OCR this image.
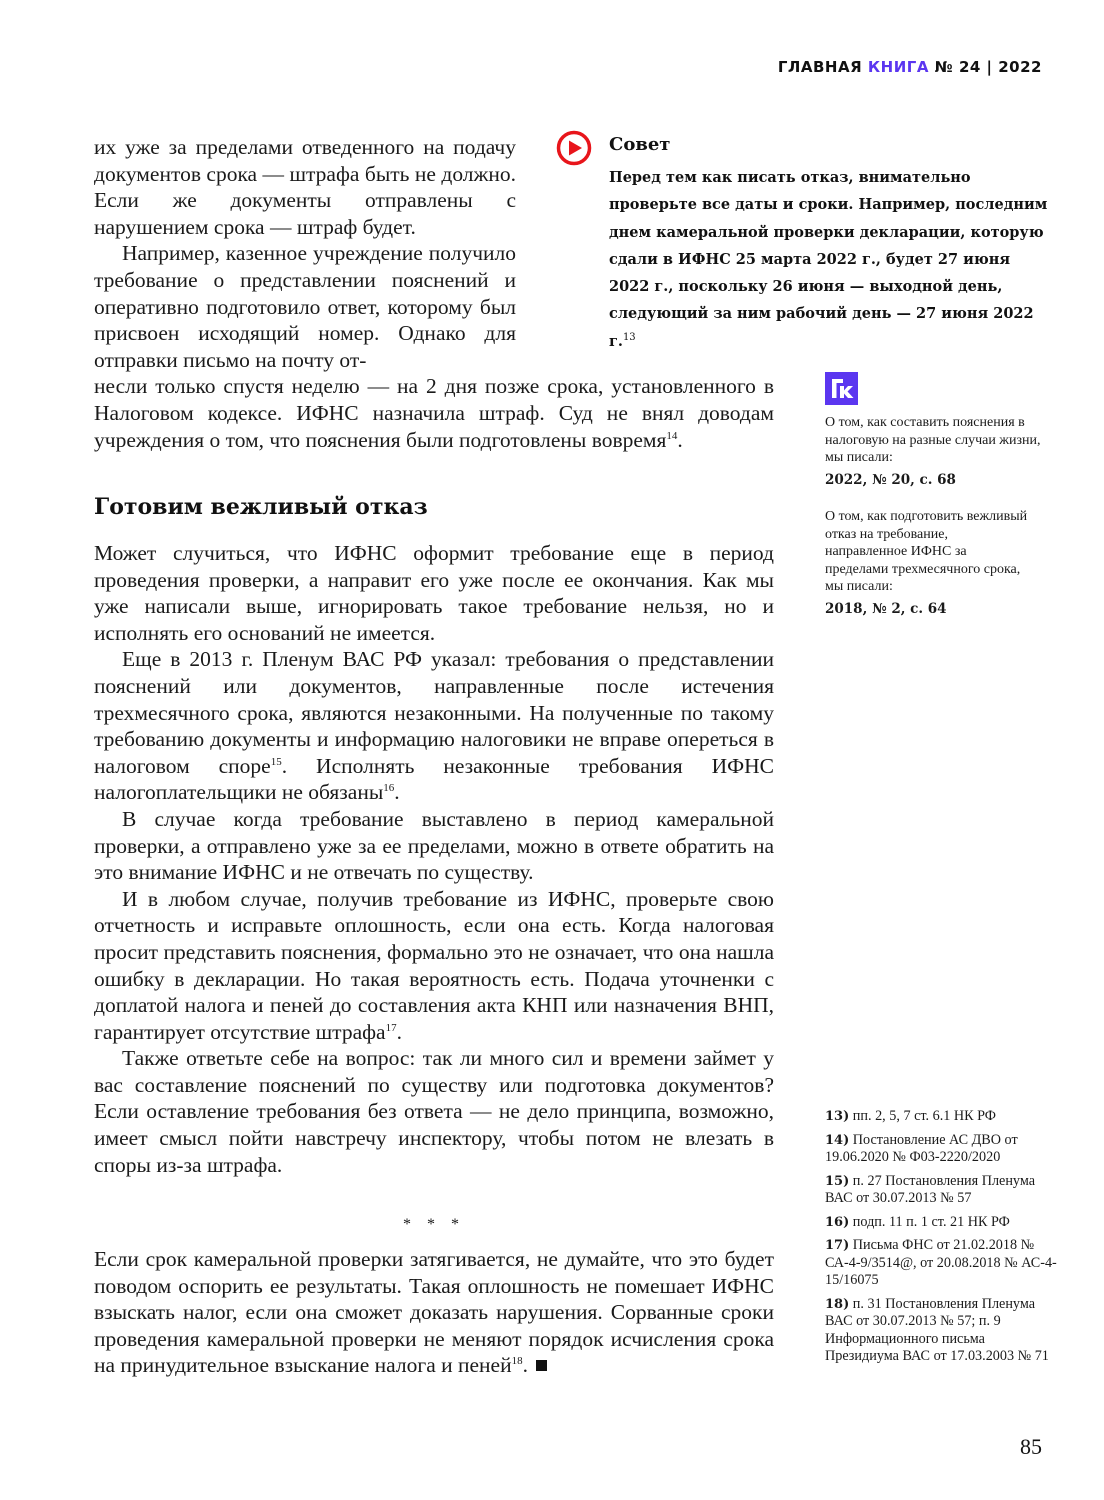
ГЛАВНАЯ КНИГА № 24 | 2022
Совет
Перед тем как писать отказ, внимательно проверьте все даты и сроки. Например, последним днем камеральной проверки декларации, которую сдали в ИФНС 25 марта 2022 г., будет 27 июня 2022 г., поскольку 26 июня — выходной день, следующий за ним рабочий день — 27 июня 2022 г.$^{13}$

их уже за пределами отведенного на подачу документов срока — штрафа быть не должно. Если же документы отправлены с нарушением срока — штраф будет.

Например, казенное учреждение получило требование о представлении пояснений и оперативно подготовило ответ, которому был присвоен исходящий номер. Однако для отправки письмо на почту от-

несли только спустя неделю — на 2 дня позже срока, установленного в Налоговом кодексе. ИФНС назначила штраф. Суд не внял доводам учреждения о том, что пояснения были подготовлены вовремя$^{14}$.

Готовим вежливый отказ

Может случиться, что ИФНС оформит требование еще в период проведения проверки, а направит его уже после ее окончания. Как мы уже написали выше, игнорировать такое требование нельзя, но и исполнять его оснований не имеется.

Еще в 2013 г. Пленум ВАС РФ указал: требования о представлении пояснений или документов, направленные после истечения трехмесячного срока, являются незаконными. На полученные по такому требованию документы и информацию налоговики не вправе опереться в налоговом споре$^{15}$. Исполнять незаконные требования ИФНС налогоплательщики не обязаны$^{16}$.

В случае когда требование выставлено в период камеральной проверки, а отправлено уже за ее пределами, можно в ответе обратить на это внимание ИФНС и не отвечать по существу.

И в любом случае, получив требование из ИФНС, проверьте свою отчетность и исправьте оплошность, если она есть. Когда налоговая просит представить пояснения, формально это не означает, что она нашла ошибку в декларации. Но такая вероятность есть. Подача уточненки с доплатой налога и пеней до составления акта КНП или назначения ВНП, гарантирует отсутствие штрафа$^{17}$.

Также ответьте себе на вопрос: так ли много сил и времени займет у вас составление пояснений по существу или подготовка документов? Если оставление требования без ответа — не дело принципа, возможно, имеет смысл пойти навстречу инспектору, чтобы потом не влезать в споры из-за штрафа.

* * *

Если срок камеральной проверки затягивается, не думайте, что это будет поводом оспорить ее результаты. Такая оплошность не помешает ИФНС взыскать налог, если она сможет доказать нарушения. Сорванные сроки проведения камеральной проверки не меняют порядок исчисления срока на принудительное взыскание налога и пеней$^{18}$.

О том, как составить пояснения в налоговую на разные случаи жизни, мы писали:
2022, № 20, с. 68
О том, как подготовить вежливый отказ на требование, направленное ИФНС за пределами трехмесячного срока, мы писали:
2018, № 2, с. 64
13) пп. 2, 5, 7 ст. 6.1 НК РФ
14) Постановление АС ДВО от 19.06.2020 № Ф03-2220/2020
15) п. 27 Постановления Пленума ВАС от 30.07.2013 № 57
16) подп. 11 п. 1 ст. 21 НК РФ
17) Письма ФНС от 21.02.2018 № СА-4-9/3514@, от 20.08.2018 № АС-4-15/16075
18) п. 31 Постановления Пленума ВАС от 30.07.2013 № 57; п. 9 Информационного письма Президиума ВАС от 17.03.2003 № 71
85
